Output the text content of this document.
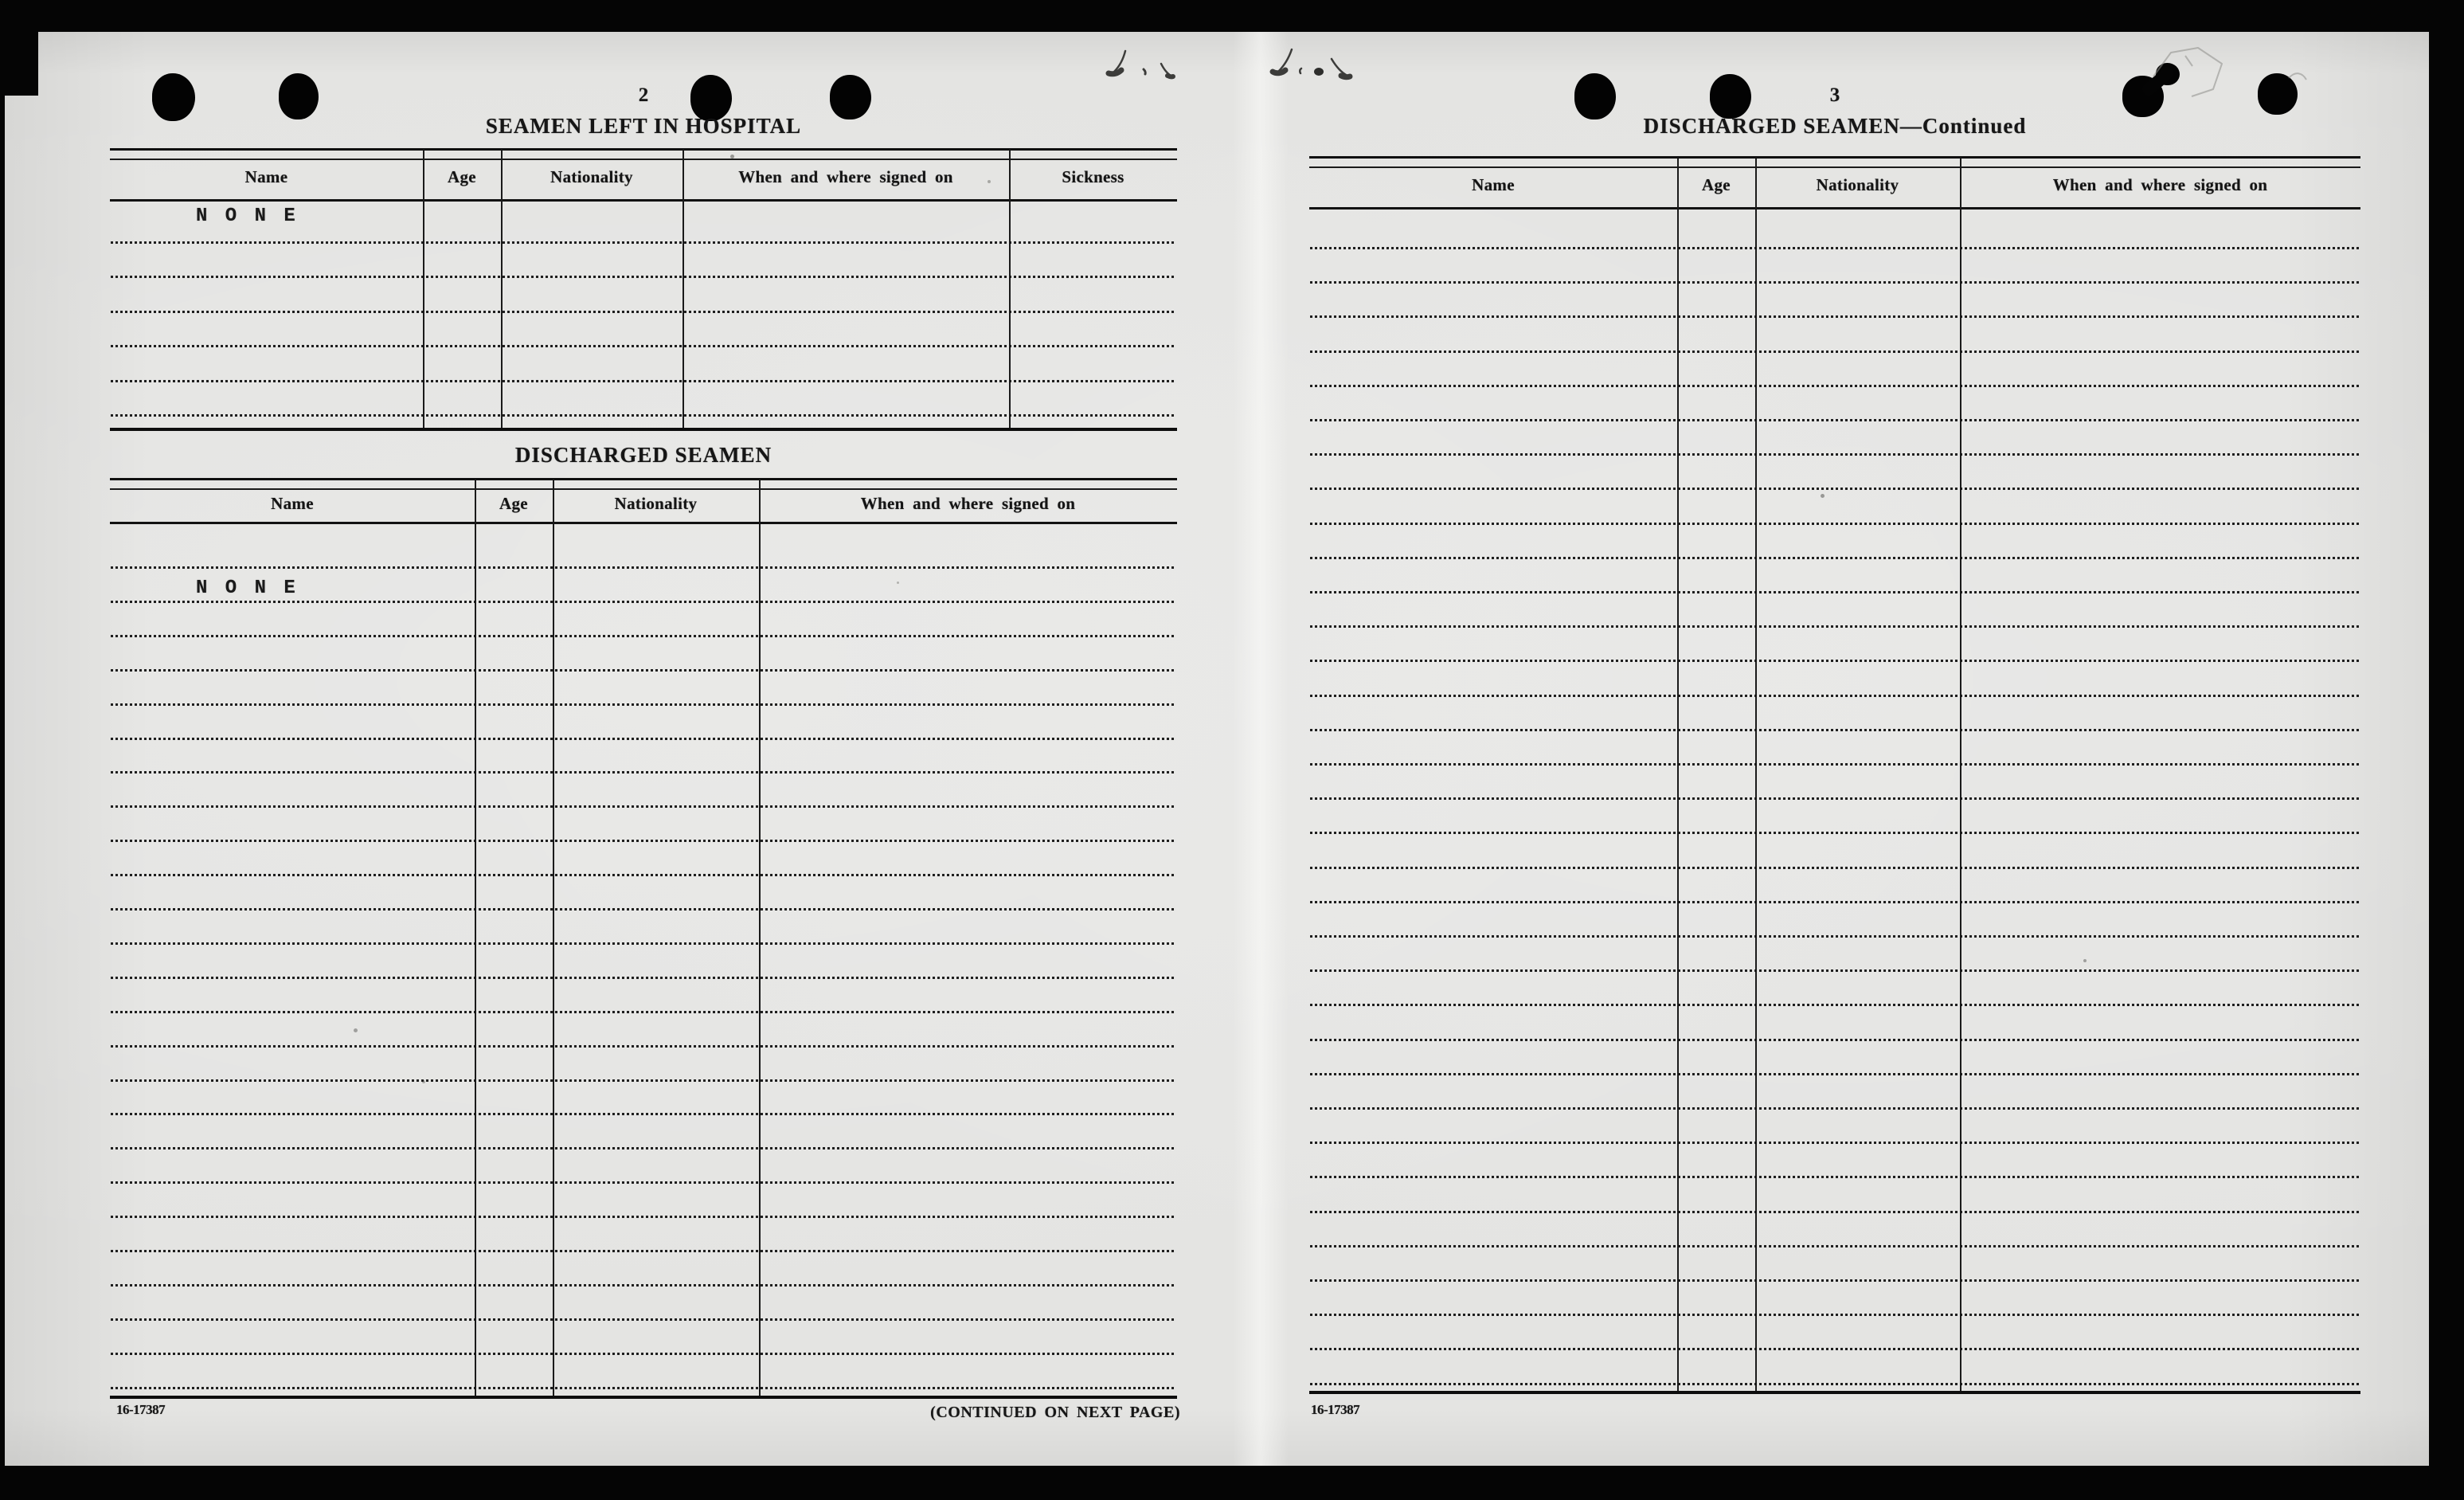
2
SEAMEN LEFT IN HOSPITAL
Name	Age	Nationality	When and where signed on	Sickness
N O N E
DISCHARGED SEAMEN
Name	Age	Nationality	When and where signed on
N O N E
16-17387	(CONTINUED ON NEXT PAGE)
3
DISCHARGED SEAMEN—Continued
Name	Age	Nationality	When and where signed on
16-17387
